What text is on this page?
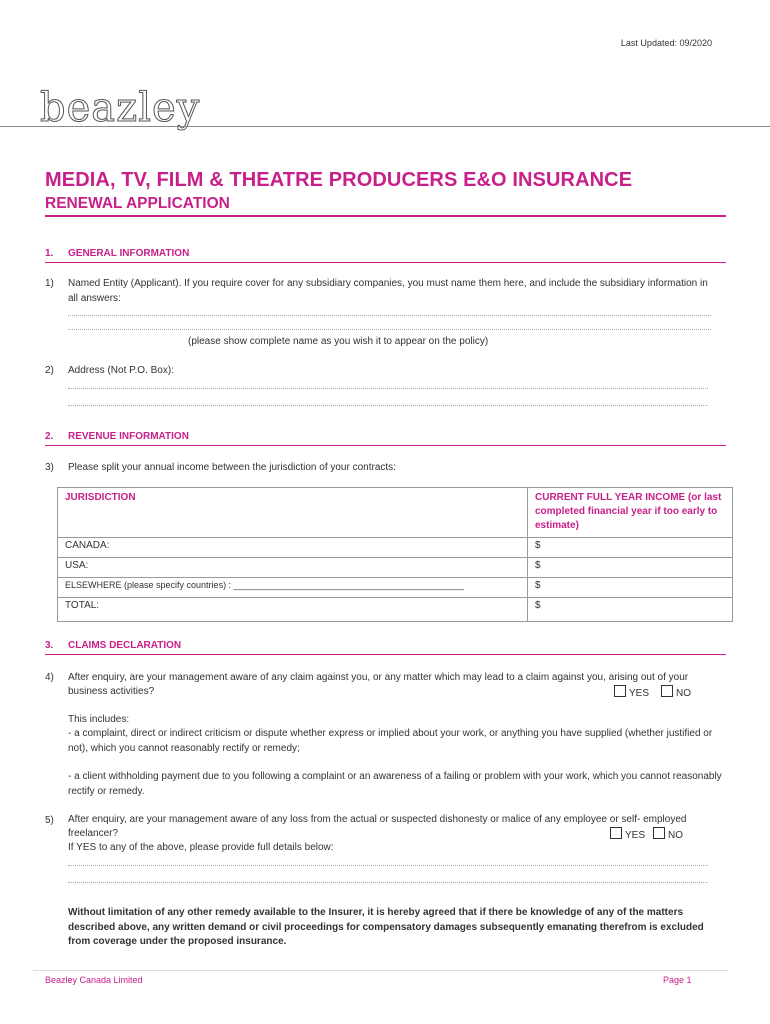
Last Updated: 09/2020
beazley
MEDIA, TV, FILM & THEATRE PRODUCERS E&O INSURANCE
RENEWAL APPLICATION
1. GENERAL INFORMATION
1) Named Entity (Applicant). If you require cover for any subsidiary companies, you must name them here, and include the subsidiary information in all answers:
(please show complete name as you wish it to appear on the policy)
2) Address (Not P.O. Box):
2. REVENUE INFORMATION
3) Please split your annual income between the jurisdiction of your contracts:
JURISDICTION	CURRENT FULL YEAR INCOME (or last completed financial year if too early to estimate)
CANADA:	$
USA:	$
ELSEWHERE (please specify countries) : ______________________________________________	$
TOTAL:	$
3. CLAIMS DECLARATION
4) After enquiry, are your management aware of any claim against you, or any matter which may lead to a claim against you, arising out of your
business activities?	YES	NO
This includes:
- a complaint, direct or indirect criticism or dispute whether express or implied about your work, or anything you have supplied (whether justified or not), which you cannot reasonably rectify or remedy;
- a client withholding payment due to you following a complaint or an awareness of a failing or problem with your work, which you cannot reasonably rectify or remedy.
5) After enquiry, are your management aware of any loss from the actual or suspected dishonesty or malice of any employee or self- employed
freelancer?	YES NO
If YES to any of the above, please provide full details below:
Without limitation of any other remedy available to the Insurer, it is hereby agreed that if there be knowledge of any of the matters described above, any written demand or civil proceedings for compensatory damages subsequently emanating therefrom is excluded from coverage under the proposed insurance.
Beazley Canada Limited	Page 1
